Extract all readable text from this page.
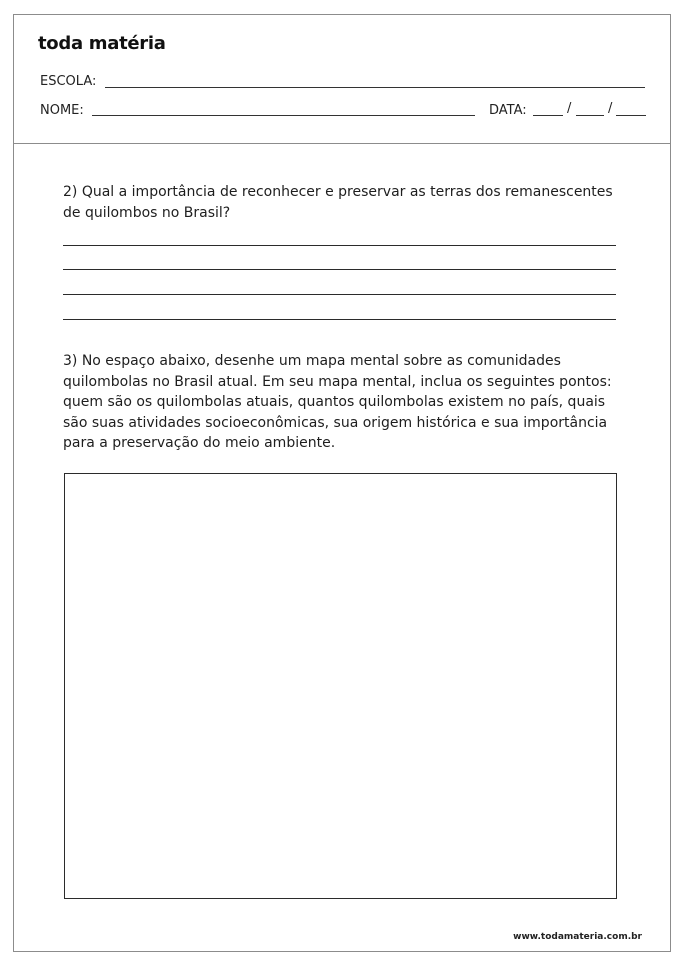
toda matéria
ESCOLA:
NOME:	DATA:	/	/

2) Qual a importância de reconhecer e preservar as terras dos remanescentes de quilombos no Brasil?

3) No espaço abaixo, desenhe um mapa mental sobre as comunidades quilombolas no Brasil atual. Em seu mapa mental, inclua os seguintes pontos: quem são os quilombolas atuais, quantos quilombolas existem no país, quais são suas atividades socioeconômicas, sua origem histórica e sua importância para a preservação do meio ambiente.

www.todamateria.com.br
